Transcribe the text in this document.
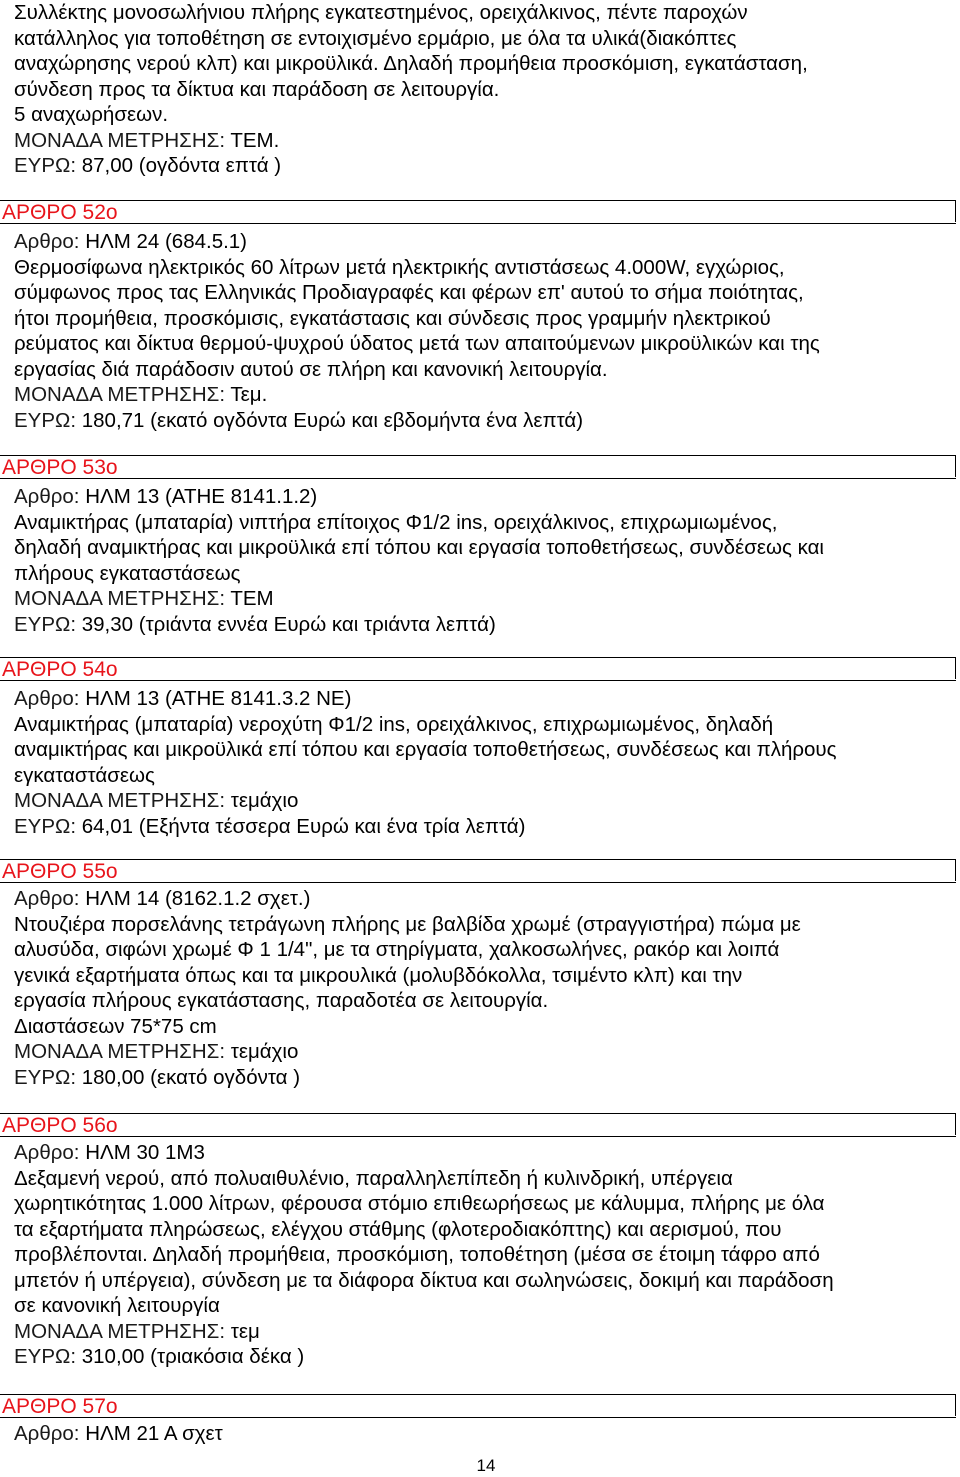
Συλλέκτης μονοσωλήνιου πλήρης εγκατεστημένος, ορειχάλκινος, πέντε παροχών
κατάλληλος για τοποθέτηση σε εντοιχισμένο ερμάριο, με όλα τα υλικά(διακόπτες
αναχώρησης νερού κλπ) και μικροϋλικά. Δηλαδή προμήθεια προσκόμιση, εγκατάσταση,
σύνδεση προς τα δίκτυα και παράδοση σε λειτουργία.
5 αναχωρήσεων.
ΜΟΝΑΔΑ ΜΕΤΡΗΣΗΣ: ΤΕΜ.
ΕΥΡΩ: 87,00 (ογδόντα επτά )
ΑΡΘΡΟ 52ο
Αρθρο: ΗΛΜ 24 (684.5.1)
Θερμοσίφωνα ηλεκτρικός 60 λίτρων μετά ηλεκτρικής αντιστάσεως 4.000W, εγχώριος,
σύμφωνος προς τας Ελληνικάς Προδιαγραφές και φέρων επ' αυτού το σήμα ποιότητας,
ήτοι προμήθεια, προσκόμισις, εγκατάστασις και σύνδεσις προς γραμμήν ηλεκτρικού
ρεύματος και δίκτυα θερμού-ψυχρού ύδατος μετά των απαιτούμενων μικροϋλικών και της
εργασίας διά παράδοσιν αυτού σε πλήρη και κανονική λειτουργία.
ΜΟΝΑΔΑ ΜΕΤΡΗΣΗΣ: Τεμ.
ΕΥΡΩ: 180,71 (εκατό ογδόντα Ευρώ και εβδομήντα ένα λεπτά)
ΑΡΘΡΟ 53ο
Αρθρο: ΗΛΜ 13 (ΑΤΗΕ 8141.1.2)
Αναμικτήρας (μπαταρία) νιπτήρα επίτοιχος Φ1/2 ins, ορειχάλκινος, επιχρωμιωμένος,
δηλαδή αναμικτήρας και μικροϋλικά επί τόπου και εργασία τοποθετήσεως, συνδέσεως και
πλήρους εγκαταστάσεως
ΜΟΝΑΔΑ ΜΕΤΡΗΣΗΣ: ΤΕΜ
ΕΥΡΩ: 39,30 (τριάντα εννέα Ευρώ και τριάντα λεπτά)
ΑΡΘΡΟ 54ο
Αρθρο: ΗΛΜ 13 (ΑΤΗΕ 8141.3.2 ΝΕ)
Αναμικτήρας (μπαταρία) νεροχύτη Φ1/2 ins, ορειχάλκινος, επιχρωμιωμένος, δηλαδή
αναμικτήρας και μικροϋλικά επί τόπου και εργασία τοποθετήσεως, συνδέσεως και πλήρους
εγκαταστάσεως
ΜΟΝΑΔΑ ΜΕΤΡΗΣΗΣ: τεμάχιο
ΕΥΡΩ: 64,01 (Εξήντα τέσσερα Ευρώ και ένα τρία λεπτά)
ΑΡΘΡΟ 55ο
Αρθρο: ΗΛΜ 14 (8162.1.2 σχετ.)
Ντουζιέρα πορσελάνης τετράγωνη πλήρης με βαλβίδα χρωμέ (στραγγιστήρα) πώμα με
αλυσύδα, σιφώνι χρωμέ Φ 1 1/4", με τα στηρίγματα, χαλκοσωλήνες, ρακόρ και λοιπά
γενικά εξαρτήματα όπως και τα μικρουλικά (μολυβδόκολλα, τσιμέντο κλπ) και την
εργασία πλήρους εγκατάστασης, παραδοτέα σε λειτουργία.
Διαστάσεων 75*75 cm
ΜΟΝΑΔΑ ΜΕΤΡΗΣΗΣ: τεμάχιο
ΕΥΡΩ: 180,00 (εκατό ογδόντα )
ΑΡΘΡΟ 56ο
Αρθρο: ΗΛΜ 30 1Μ3
Δεξαμενή νερού, από πολυαιθυλένιο, παραλληλεπίπεδη ή κυλινδρική, υπέργεια
χωρητικότητας 1.000 λίτρων, φέρουσα στόμιο επιθεωρήσεως με κάλυμμα, πλήρης με όλα
τα εξαρτήματα πληρώσεως, ελέγχου στάθμης (φλοτεροδιακόπτης) και αερισμού, που
προβλέπονται. Δηλαδή προμήθεια, προσκόμιση, τοποθέτηση (μέσα σε έτοιμη τάφρο από
μπετόν ή υπέργεια), σύνδεση με τα διάφορα δίκτυα και σωληνώσεις, δοκιμή και παράδοση
σε κανονική λειτουργία
ΜΟΝΑΔΑ ΜΕΤΡΗΣΗΣ: τεμ
ΕΥΡΩ: 310,00 (τριακόσια δέκα )
ΑΡΘΡΟ 57ο
Αρθρο: ΗΛΜ 21 Α σχετ
14
